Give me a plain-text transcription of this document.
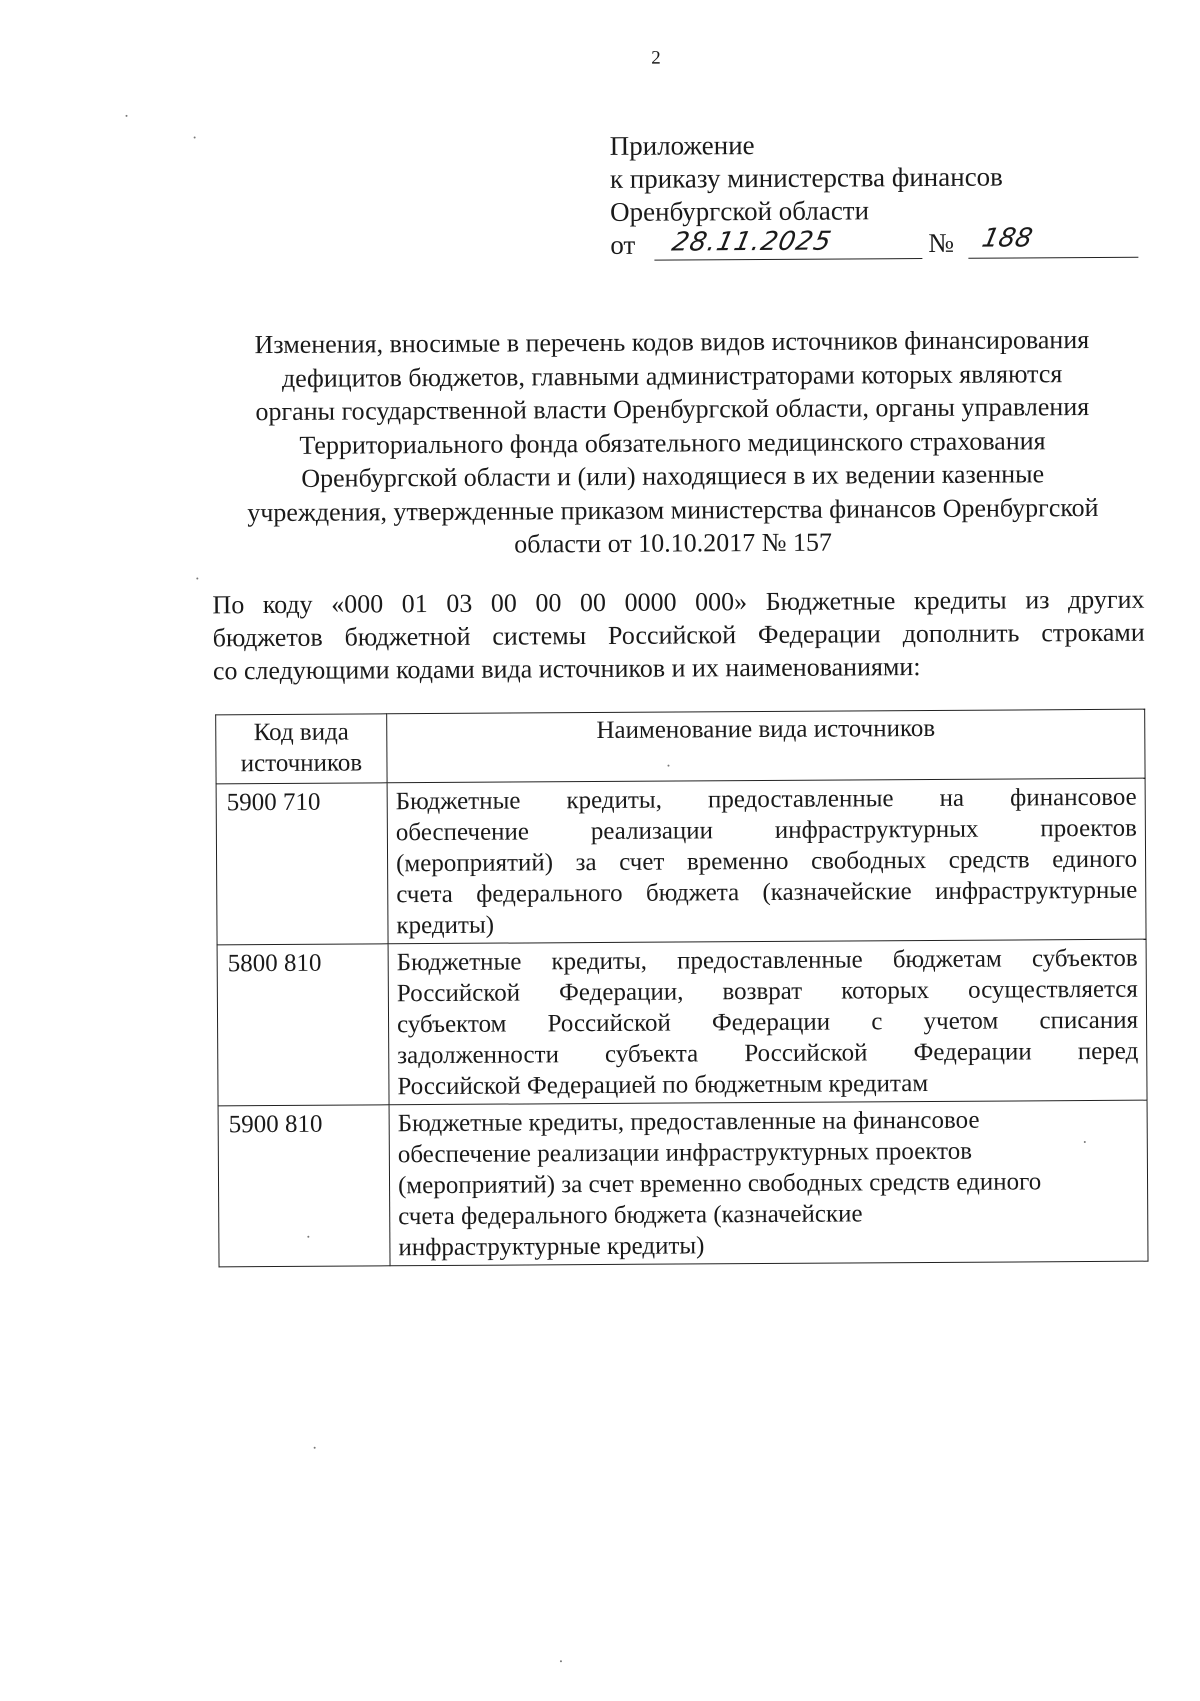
2
Приложение
к приказу министерства финансов
Оренбургской области
от 28.11.2025	№ 188
Изменения, вносимые в перечень кодов видов источников финансирования
дефицитов бюджетов, главными администраторами которых являются
органы государственной власти Оренбургской области, органы управления
Территориального фонда обязательного медицинского страхования
Оренбургской области и (или) находящиеся в их ведении казенные
учреждения, утвержденные приказом министерства финансов Оренбургской
области от 10.10.2017 № 157
По коду «000 01 03 00 00 00 0000 000» Бюджетные кредиты из других
бюджетов бюджетной системы Российской Федерации дополнить строками
со следующими кодами вида источников и их наименованиями:
Код вида
источников	Наименование вида источников
5900 710	Бюджетные кредиты, предоставленные на финансовое
обеспечение реализации инфраструктурных проектов
(мероприятий) за счет временно свободных средств единого
счета федерального бюджета (казначейские инфраструктурные
кредиты)

5800 810	Бюджетные кредиты, предоставленные бюджетам субъектов
Российской Федерации, возврат которых осуществляется
субъектом Российской Федерации с учетом списания
задолженности субъекта Российской Федерации перед
Российской Федерацией по бюджетным кредитам

5900 810	Бюджетные кредиты, предоставленные на финансовое
обеспечение реализации инфраструктурных проектов
(мероприятий) за счет временно свободных средств единого
счета федерального бюджета (казначейские
инфраструктурные кредиты)
